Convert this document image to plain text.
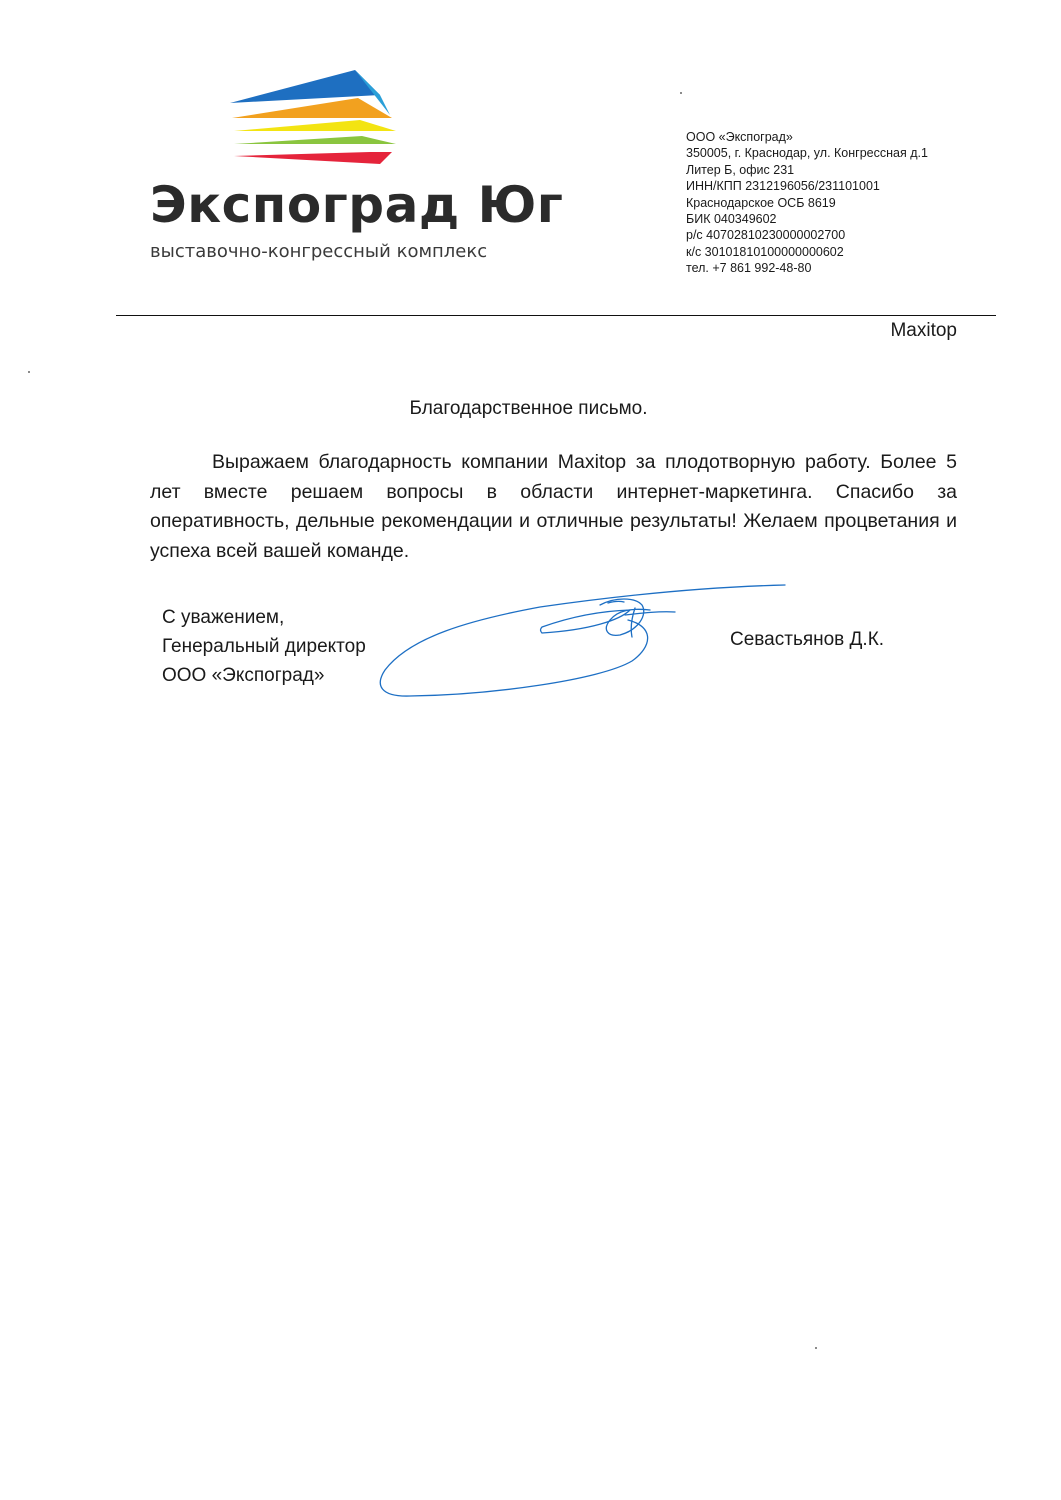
Экспоград Юг
выставочно-конгрессный комплекс
ООО «Экспоград»
350005, г. Краснодар, ул. Конгрессная д.1
Литер Б, офис 231
ИНН/КПП 2312196056/231101001
Краснодарское ОСБ 8619
БИК 040349602
р/с 40702810230000002700
к/с 30101810100000000602
тел. +7 861 992-48-80
Maxitop
Благодарственное письмо.
Выражаем благодарность компании Maxitop за плодотворную работу. Более 5 лет вместе решаем вопросы в области интернет-маркетинга. Спасибо за оперативность, дельные рекомендации и отличные результаты! Желаем процветания и успеха всей вашей команде.
С уважением,
Генеральный директор
ООО «Экспоград»
Севастьянов Д.К.
